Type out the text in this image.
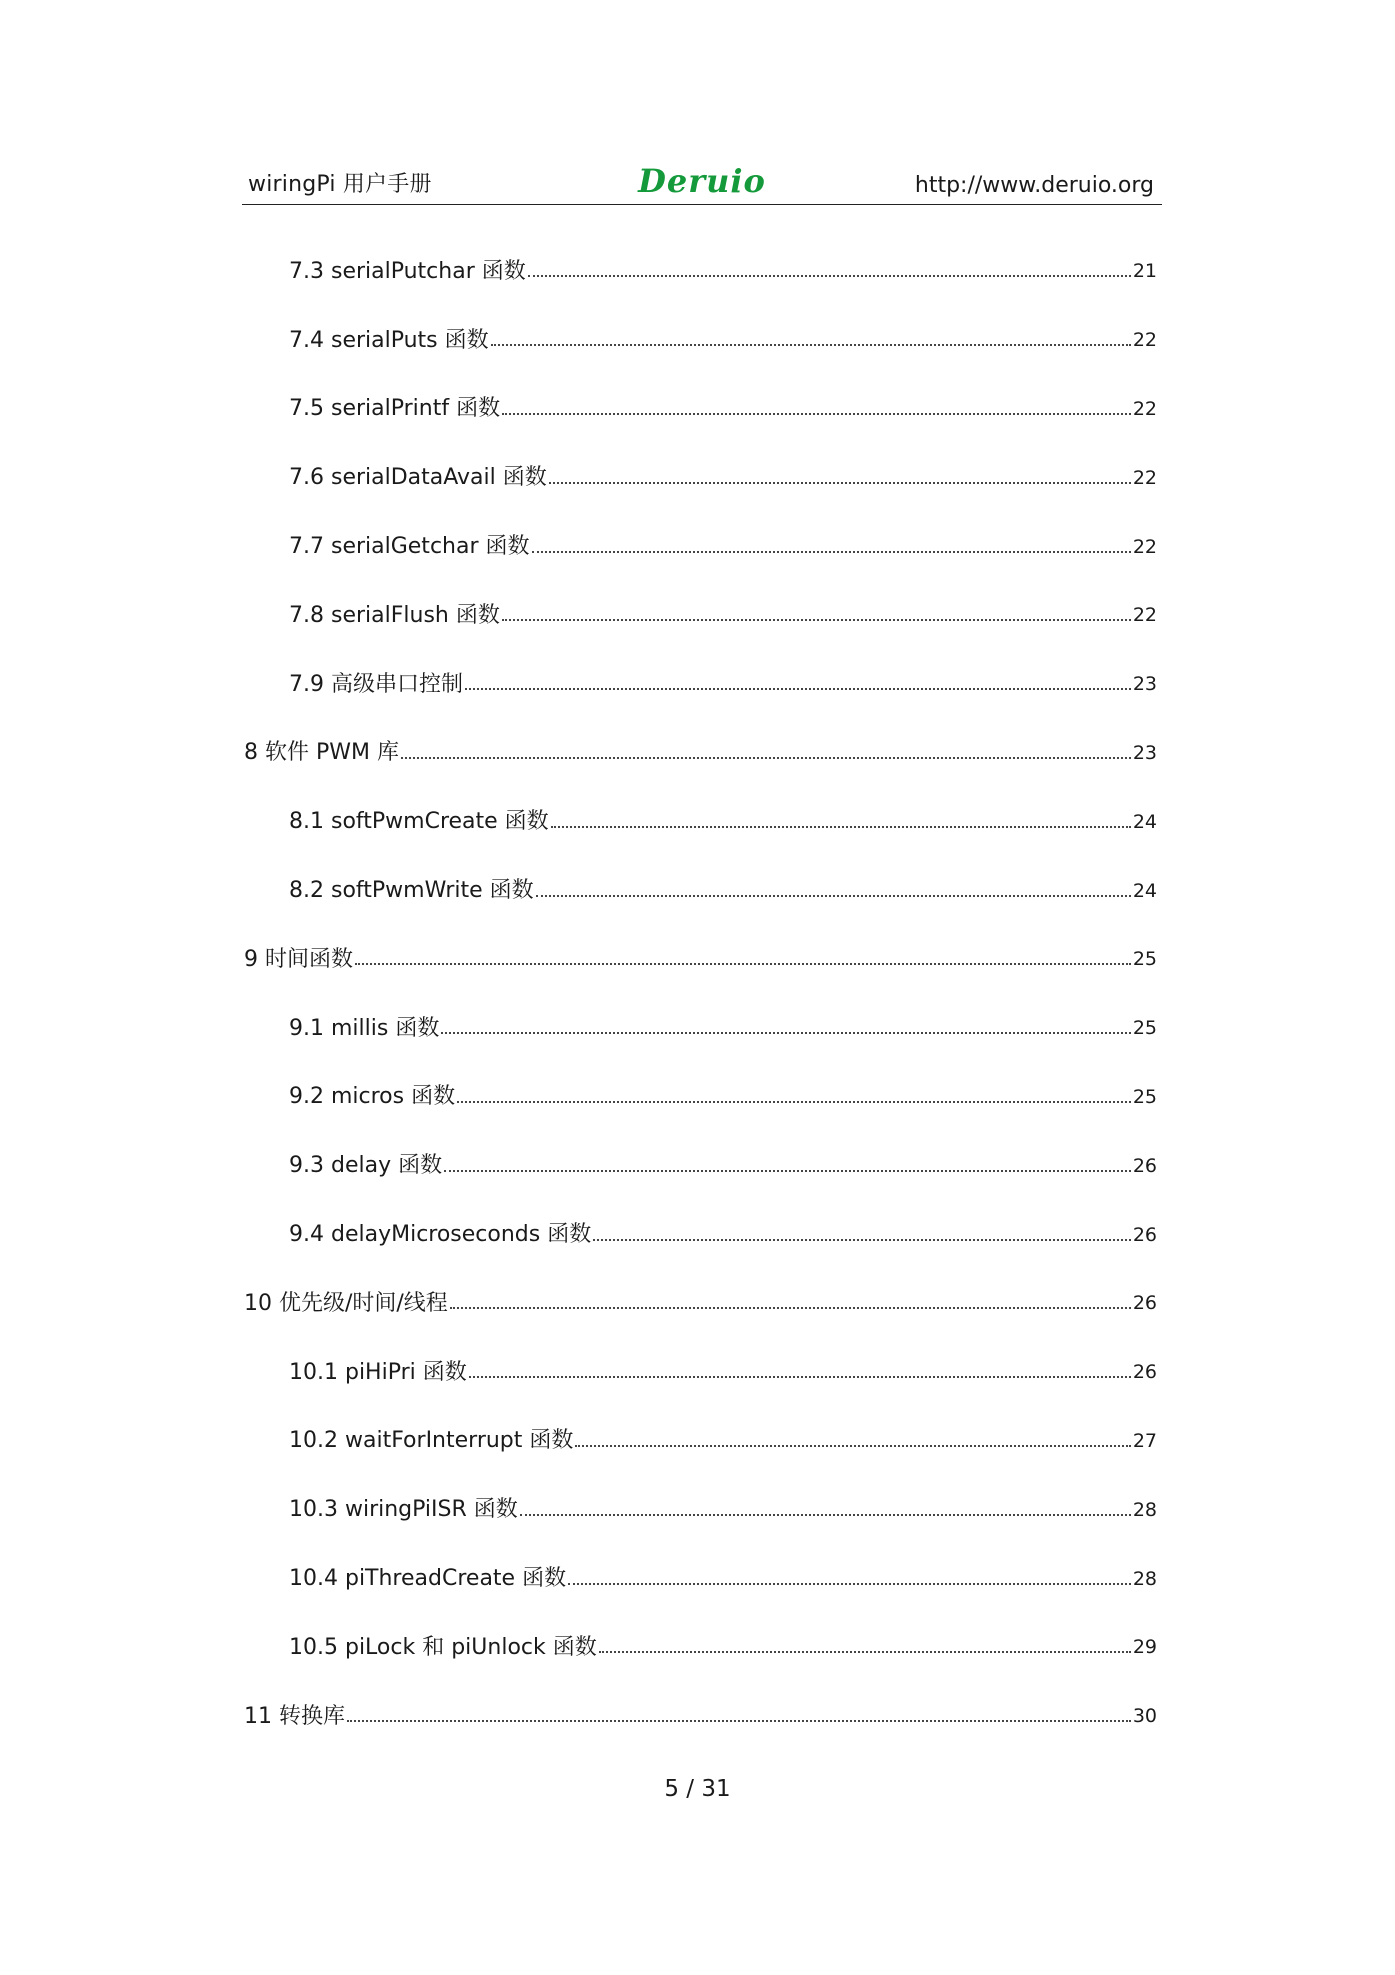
wiringPi 用户手册	Deruio	http://www.deruio.org
7.3 serialPutchar 函数	21
7.4 serialPuts 函数	22
7.5 serialPrintf 函数	22
7.6 serialDataAvail 函数	22
7.7 serialGetchar 函数	22
7.8 serialFlush 函数	22
7.9 高级串口控制	23
8 软件 PWM 库	23
8.1 softPwmCreate 函数	24
8.2 softPwmWrite 函数	24
9 时间函数	25
9.1 millis 函数	25
9.2 micros 函数	25
9.3 delay 函数	26
9.4 delayMicroseconds 函数	26
10 优先级/时间/线程	26
10.1 piHiPri 函数	26
10.2 waitForInterrupt 函数	27
10.3 wiringPiISR 函数	28
10.4 piThreadCreate 函数	28
10.5 piLock 和 piUnlock 函数	29
11 转换库	30
5 / 31
